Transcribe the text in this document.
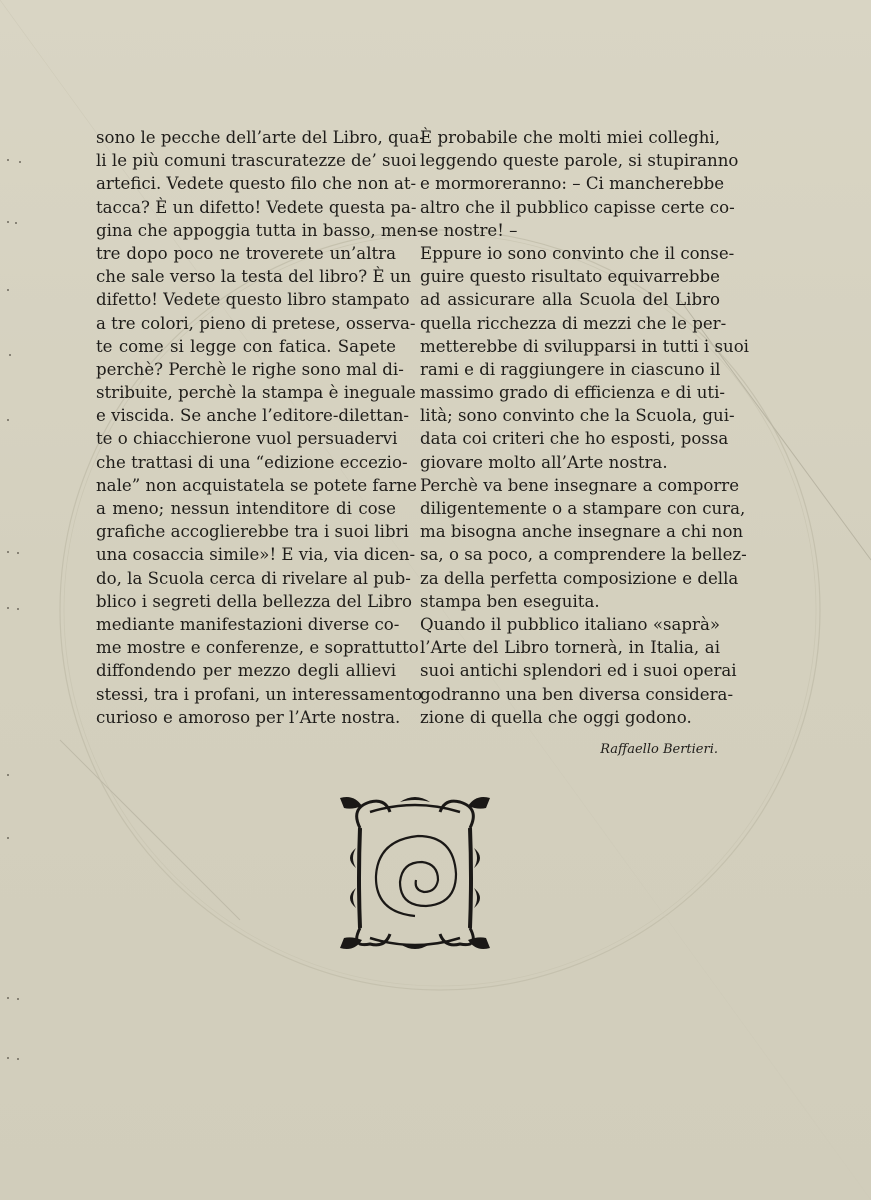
sono le pecche dell’arte del Libro, qua-
li le più comuni trascuratezze de’ suoi
artefici. Vedete questo filo che non at-
tacca? È un difetto! Vedete questa pa-
gina che appoggia tutta in basso, men-
tre dopo poco ne troverete un’altra
che sale verso la testa del libro? È un
difetto! Vedete questo libro stampato
a tre colori, pieno di pretese, osserva-
te come si legge con fatica. Sapete
perchè? Perchè le righe sono mal di-
stribuite, perchè la stampa è ineguale
e viscida. Se anche l’editore-dilettan-
te o chiacchierone vuol persuadervi
che trattasi di una “edizione eccezio-
nale” non acquistatela se potete farne
a meno; nessun intenditore di cose
grafiche accoglierebbe tra i suoi libri
una cosaccia simile»! E via, via dicen-
do, la Scuola cerca di rivelare al pub-
blico i segreti della bellezza del Libro
mediante manifestazioni diverse co-
me mostre e conferenze, e soprattutto
diffondendo per mezzo degli allievi
stessi, tra i profani, un interessamento
curioso e amoroso per l’Arte nostra.
È probabile che molti miei colleghi,
leggendo queste parole, si stupiranno
e mormoreranno: – Ci mancherebbe
altro che il pubblico capisse certe co-
se nostre! –
Eppure io sono convinto che il conse-
guire questo risultato equivarrebbe
ad assicurare alla Scuola del Libro
quella ricchezza di mezzi che le per-
metterebbe di svilupparsi in tutti i suoi
rami e di raggiungere in ciascuno il
massimo grado di efficienza e di uti-
lità; sono convinto che la Scuola, gui-
data coi criteri che ho esposti, possa
giovare molto all’Arte nostra.
Perchè va bene insegnare a comporre
diligentemente o a stampare con cura,
ma bisogna anche insegnare a chi non
sa, o sa poco, a comprendere la bellez-
za della perfetta composizione e della
stampa ben eseguita.
Quando il pubblico italiano «saprà»
l’Arte del Libro tornerà, in Italia, ai
suoi antichi splendori ed i suoi operai
godranno una ben diversa considera-
zione di quella che oggi godono.
Raffaello Bertieri.
